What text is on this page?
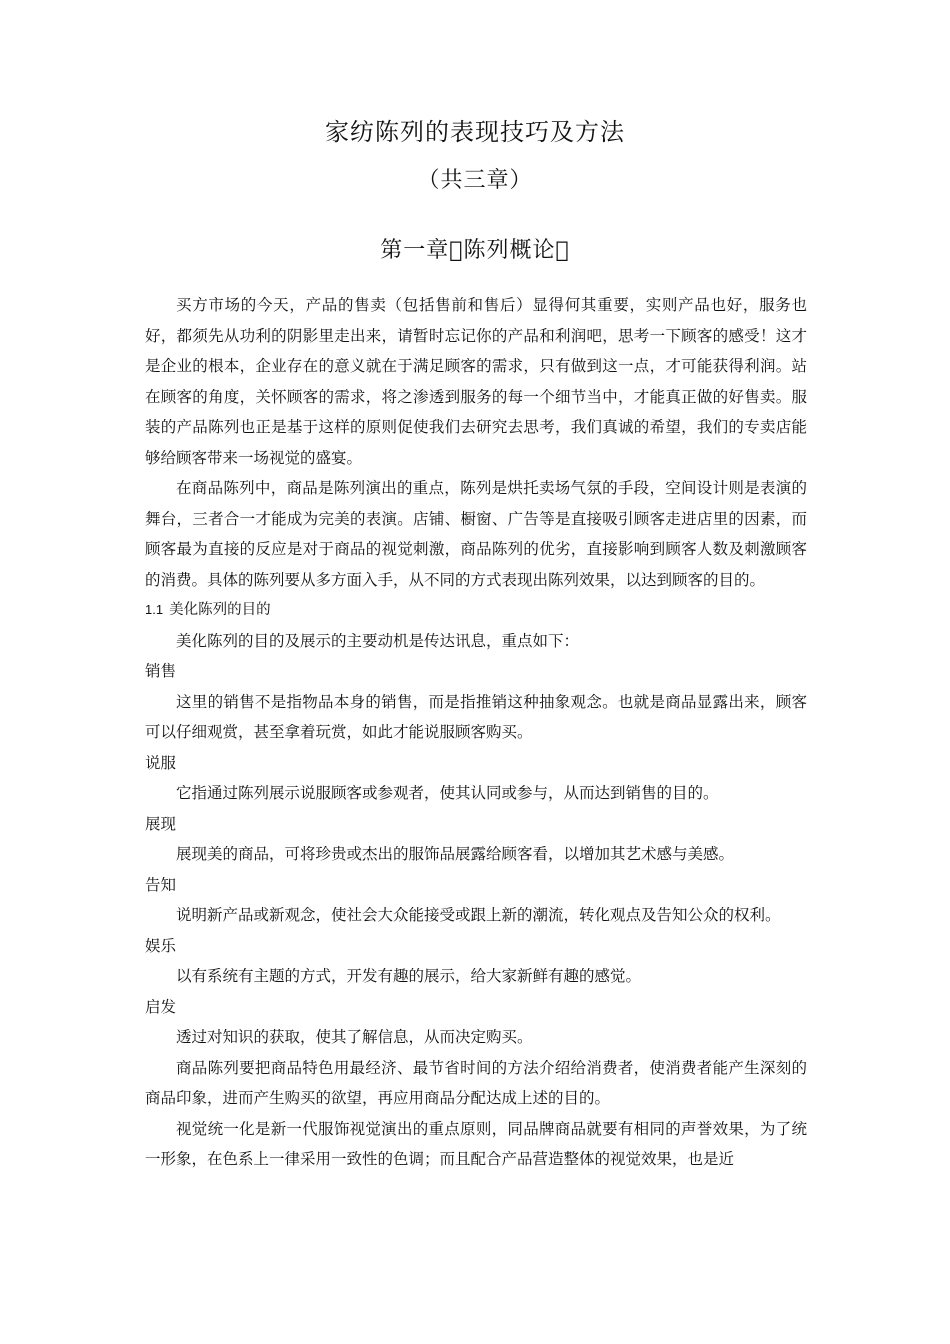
家纺陈列的表现技巧及方法
（共三章）
第一章 陈列概论 

买方市场的今天，产品的售卖（包括售前和售后）显得何其重要，实则产品也好，服务也好，都须先从功利的阴影里走出来，请暂时忘记你的产品和利润吧，思考一下顾客的感受！这才是企业的根本，企业存在的意义就在于满足顾客的需求，只有做到这一点，才可能获得利润。站在顾客的角度，关怀顾客的需求，将之渗透到服务的每一个细节当中，才能真正做的好售卖。服装的产品陈列也正是基于这样的原则促使我们去研究去思考，我们真诚的希望，我们的专卖店能够给顾客带来一场视觉的盛宴。

在商品陈列中，商品是陈列演出的重点，陈列是烘托卖场气氛的手段，空间设计则是表演的舞台，三者合一才能成为完美的表演。店铺、橱窗、广告等是直接吸引顾客走进店里的因素，而顾客最为直接的反应是对于商品的视觉刺激，商品陈列的优劣，直接影响到顾客人数及刺激顾客的消费。具体的陈列要从多方面入手，从不同的方式表现出陈列效果，以达到顾客的目的。

1.1 美化陈列的目的

美化陈列的目的及展示的主要动机是传达讯息，重点如下：

销售

这里的销售不是指物品本身的销售，而是指推销这种抽象观念。也就是商品显露出来，顾客可以仔细观赏，甚至拿着玩赏，如此才能说服顾客购买。

说服

它指通过陈列展示说服顾客或参观者，使其认同或参与，从而达到销售的目的。

展现

展现美的商品，可将珍贵或杰出的服饰品展露给顾客看，以增加其艺术感与美感。

告知

说明新产品或新观念，使社会大众能接受或跟上新的潮流，转化观点及告知公众的权利。

娱乐

以有系统有主题的方式，开发有趣的展示，给大家新鲜有趣的感觉。

启发

透过对知识的获取，使其了解信息，从而决定购买。

商品陈列要把商品特色用最经济、最节省时间的方法介绍给消费者，使消费者能产生深刻的商品印象，进而产生购买的欲望，再应用商品分配达成上述的目的。

视觉统一化是新一代服饰视觉演出的重点原则，同品牌商品就要有相同的声誉效果，为了统一形象，在色系上一律采用一致性的色调；而且配合产品营造整体的视觉效果，也是近
